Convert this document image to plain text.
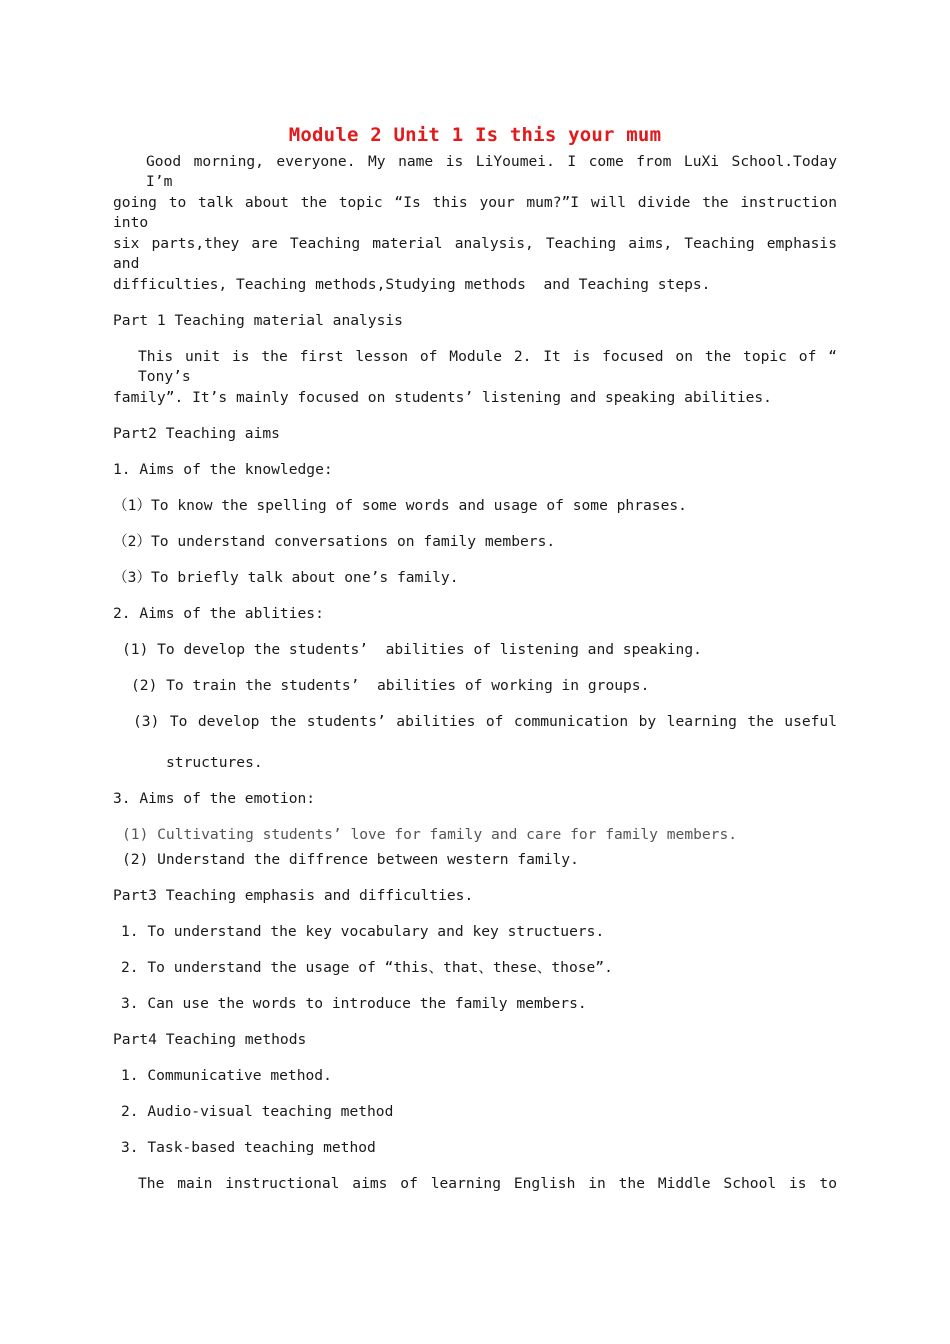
Module 2 Unit 1 Is this your mum
Good morning, everyone. My name is LiYoumei. I come from LuXi School.Today I’m
going to talk about the topic “Is this your mum?”I will divide the instruction into
six parts,they are Teaching material analysis, Teaching aims, Teaching emphasis and
difficulties, Teaching methods,Studying methods  and Teaching steps.
Part 1 Teaching material analysis
This unit is the first lesson of Module 2. It is focused on the topic of “ Tony’s
family”. It’s mainly focused on students’ listening and speaking abilities.
Part2 Teaching aims
1. Aims of the knowledge:
（1）To know the spelling of some words and usage of some phrases.
（2）To understand conversations on family members.
（3）To briefly talk about one’s family.
2. Aims of the ablities:
(1) To develop the students’  abilities of listening and speaking.
(2) To train the students’  abilities of working in groups.
(3) To develop the students’ abilities of communication by learning the useful
structures.
3. Aims of the emotion:
(1) Cultivating students’ love for family and care for family members.
(2) Understand the diffrence between western family.
Part3 Teaching emphasis and difficulties.
1. To understand the key vocabulary and key structuers.
2. To understand the usage of “this、that、these、those”.
3. Can use the words to introduce the family members.
Part4 Teaching methods
1. Communicative method.
2. Audio-visual teaching method
3. Task-based teaching method
The main instructional aims of learning English in the Middle School is to
